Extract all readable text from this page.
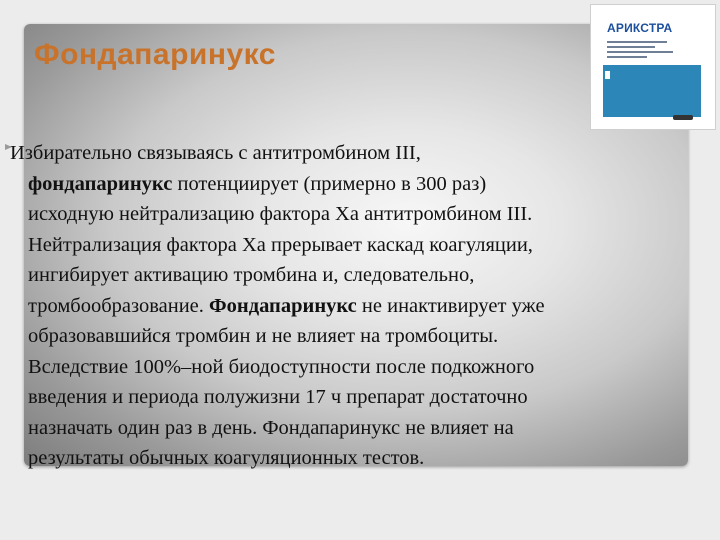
Фондапаринукс

Избирательно связываясь с антитромбином III,
фондапаринукс потенциирует (примерно в 300 раз)
исходную нейтрализацию фактора Ха антитромбином III.
Нейтрализация фактора Ха прерывает каскад коагуляции,
ингибирует активацию тромбина и, следовательно,
тромбообразование. Фондапаринукс не инактивирует уже
образовавшийся тромбин и не влияет на тромбоциты.
Вследствие 100%–ной биодоступности после подкожного
введения и периода полужизни 17 ч препарат достаточно
назначать один раз в день. Фондапаринукс не влияет на
результаты обычных коагуляционных тестов.

АРИКСТРА
